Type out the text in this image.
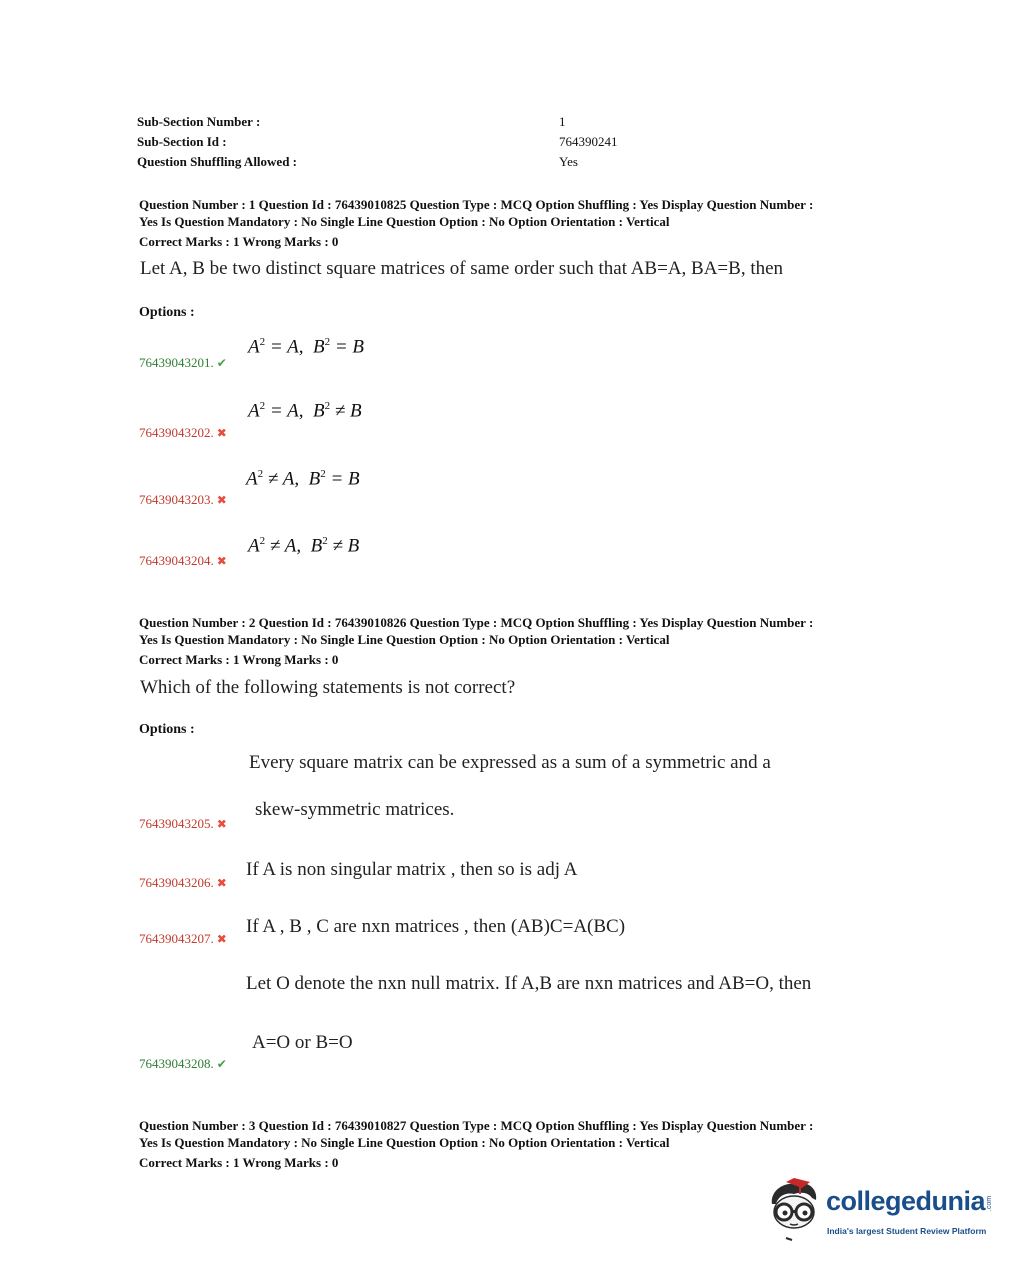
Sub-Section Number :	1
Sub-Section Id :	764390241
Question Shuffling Allowed :	Yes
Question Number : 1 Question Id : 76439010825 Question Type : MCQ Option Shuffling : Yes Display Question Number :
Yes Is Question Mandatory : No Single Line Question Option : No Option Orientation : Vertical
Correct Marks : 1 Wrong Marks : 0
Let A, B be two distinct square matrices of same order such that AB=A, BA=B, then
Options :
76439043201. ✔
$A^2 = A$, $B^2 = B$
76439043202. ✖
$A^2 = A$, $B^2 \ne B$
76439043203. ✖
$A^2 \ne A$, $B^2 = B$
76439043204. ✖
$A^2 \ne A$, $B^2 \ne B$
Question Number : 2 Question Id : 76439010826 Question Type : MCQ Option Shuffling : Yes Display Question Number :
Yes Is Question Mandatory : No Single Line Question Option : No Option Orientation : Vertical
Correct Marks : 1 Wrong Marks : 0
Which of the following statements is not correct?
Options :
Every square matrix can be expressed as a sum of a symmetric and a
skew-symmetric matrices.
76439043205. ✖
If A is non singular matrix , then so is adj A
76439043206. ✖
If A , B , C are nxn matrices , then (AB)C=A(BC)
76439043207. ✖
Let O denote the nxn null matrix. If A,B are nxn matrices and AB=O, then
A=O or B=O
76439043208. ✔
Question Number : 3 Question Id : 76439010827 Question Type : MCQ Option Shuffling : Yes Display Question Number :
Yes Is Question Mandatory : No Single Line Question Option : No Option Orientation : Vertical
Correct Marks : 1 Wrong Marks : 0
collegedunia .com
India's largest Student Review Platform
